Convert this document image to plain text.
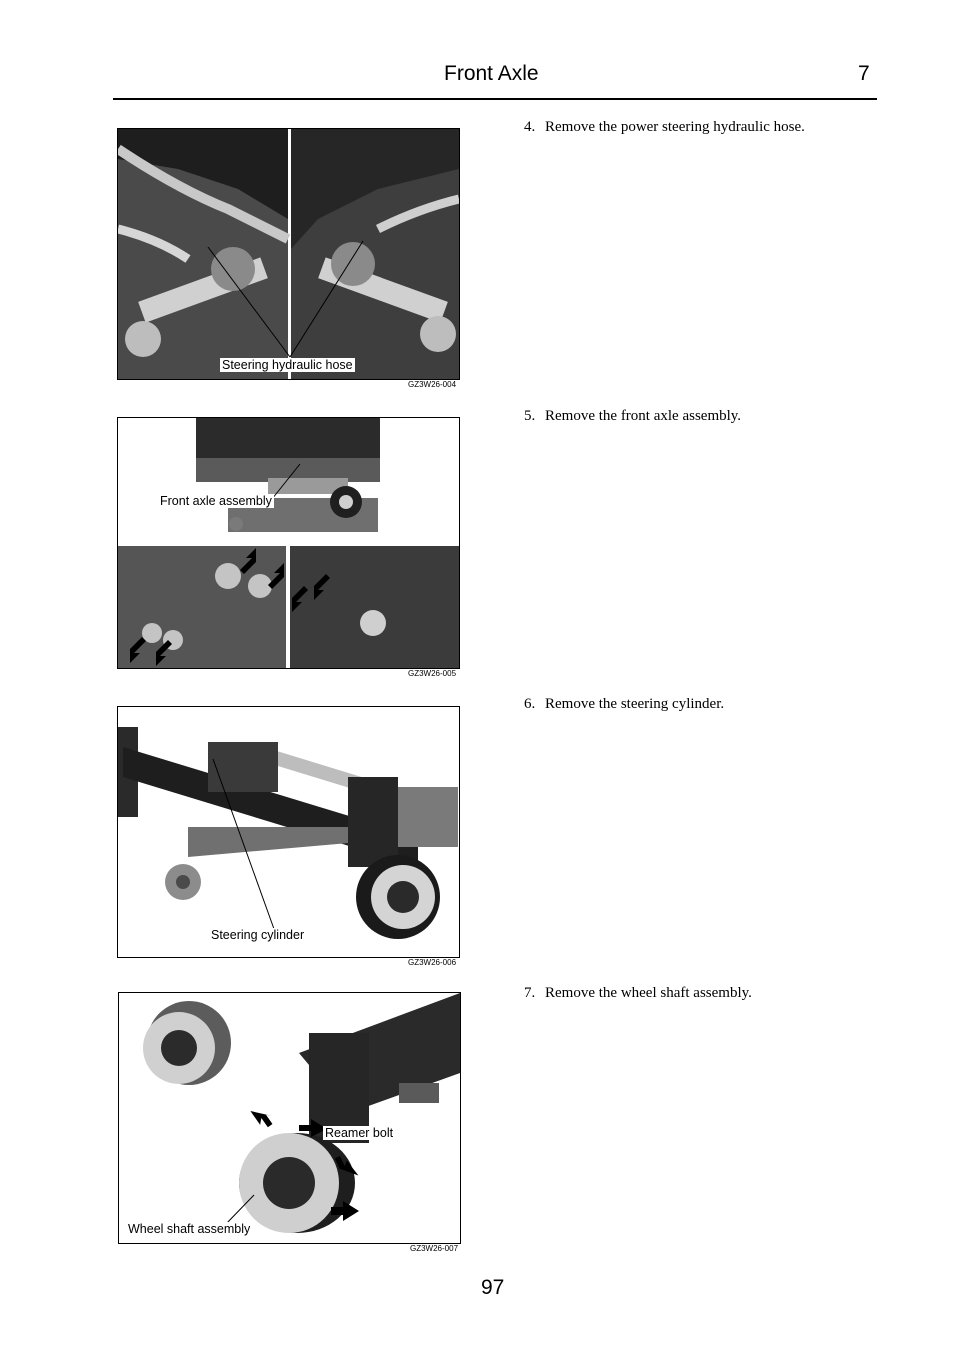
Front Axle	7
Steering hydraulic hose
GZ3W26-004
Front axle assembly
GZ3W26-005
Steering cylinder
GZ3W26-006
Reamer bolt
Wheel shaft assembly
GZ3W26-007
4. Remove the power steering hydraulic hose.
5. Remove the front axle assembly.
6. Remove the steering cylinder.
7. Remove the wheel shaft assembly.
97
